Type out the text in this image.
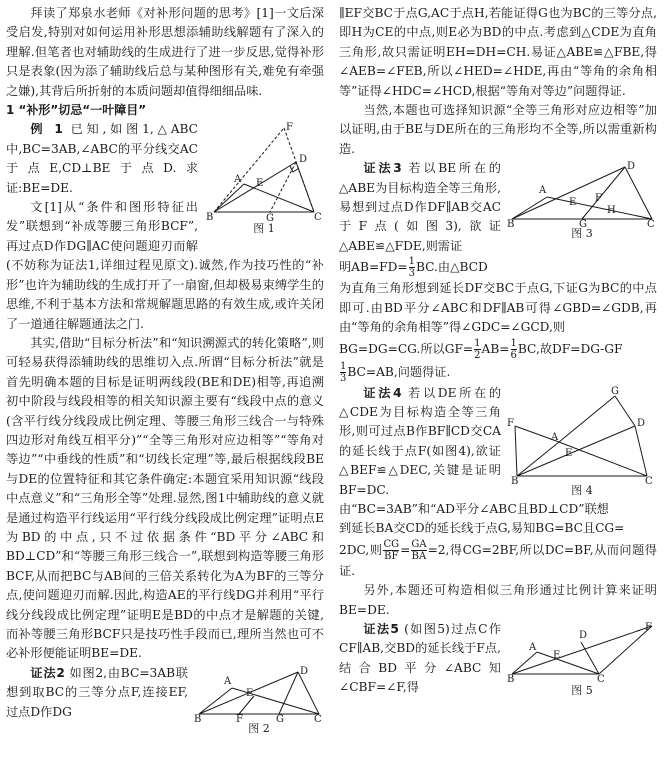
拜读了郑泉水老师《对补形问题的思考》[1]一文后深受启发,特别对如何运用补形思想添辅助线解题有了深入的理解.但笔者也对辅助线的生成进行了进一步反思,觉得补形只是表象(因为添了辅助线后总与某种图形有关,难免有牵强之嫌),其背后所折射的本质问题却值得细细品味.

1 “补形”切忌“一叶障目”

A
B	C
D
E
F
G
图 1

例 1 已知,如图1,△ABC中,BC=3AB,∠ABC的平分线交AC于点E,CD⊥BE于点D.求证:BE=DE.

文[1]从“条件和图形特征出发”联想到“补成等腰三角形BCF”,再过点D作DG∥AC使问题迎刃而解(不妨称为证法1,详细过程见原文).诚然,作为技巧性的“补形”也许为辅助线的生成打开了一扇窗,但却极易束缚学生的思维,不利于基本方法和常规解题思路的有效生成,或许关闭了一道通往解题通法之门.

其实,借助“目标分析法”和“知识溯源式的转化策略”,则可轻易获得添辅助线的思维切入点.所谓“目标分析法”就是首先明确本题的目标是证明两线段(BE和DE)相等,再追溯初中阶段与线段相等的相关知识源主要有“线段中点的意义(含平行线分线段成比例定理、等腰三角形三线合一与特殊四边形对角线互相平分)”“全等三角形对应边相等”“等角对等边”“中垂线的性质”和“切线长定理”等,最后根据线段BE与DE的位置特征和其它条件确定:本题宜采用知识源“线段中点意义”和“三角形全等”处理.显然,图1中辅助线的意义就是通过构造平行线运用“平行线分线段成比例定理”证明点E为BD的中点,只不过依据条件“BD平分∠ABC和BD⊥CD”和“等腰三角形三线合一”,联想到构造等腰三角形BCF,从而把BC与AB间的三倍关系转化为A为BF的三等分点,使问题迎刃而解.因此,构造AE的平行线DG并利用“平行线分线段成比例定理”证明E是BD的中点才是解题的关键,而补等腰三角形BCF只是技巧性手段而已,理所当然也可不必补形便能证明BE=DE.

A
B	C
D
E
F	G
图 2

证法2 如图2,由BC=3AB联想到取BC的三等分点F,连接EF,过点D作DG

∥EF交BC于点G,AC于点H,若能证得G也为BC的三等分点,即H为CE的中点,则E必为BD的中点.考虑到△CDE为直角三角形,故只需证明EH=DH=CH.易证△ABE≌△FBE,得∠AEB=∠FEB,所以∠HED=∠HDE,再由“等角的余角相等”证得∠HDC=∠HCD,根据“等角对等边”问题得证.

当然,本题也可选择知识源“全等三角形对应边相等”加以证明,由于BE与DE所在的三角形均不全等,所以需重新构造.

A
B	C
D
E F
G
H
图 3

证法3 若以BE所在的△ABE为目标构造全等三角形,易想到过点D作DF∥AB交AC于F点(如图3),欲证△ABE≌△FDE,则需证

明$AB=FD= \frac{1}{3}$ BC.由△BCD

为直角三角形想到延长DF交BC于点G,下证G为BC的中点即可.由BD平分∠ABC和DF∥AB可得∠GBD=∠GDB,再由“等角的余角相等”得∠GDC=∠GCD,则

BG=DG=CG.所以$GF= \frac{1}{2} AB= \frac{1}{6}$ BC,故DF=DG-GF

$\frac{1}{3} BC=AB$,问题得证.

A
B	C
D
E
F
G
图 4

证法4 若以DE所在的△CDE为目标构造全等三角形,则可过点B作BF∥CD交CA的延长线于点F(如图4),欲证△BEF≌△DEC,关键是证明BF=DC.由“BC=3AB”和“AD平分∠ABC且BD⊥CD”联想

到延长BA交CD的延长线于点G,易知BG=BC且CG=

2DC,则 $\frac{CG}{BF} = \frac{GA}{BA} =2$,得CG=2BF,所以DC=BF,从而问题得证.

另外,本题还可构造相似三角形通过比例计算来证明BE=DE.

A
B	C
D
E
F
图 5

证法5 (如图5)过点C作CF∥AB,交BD的延长线于F点,结合BD平分∠ABC知∠CBF=∠F,得
